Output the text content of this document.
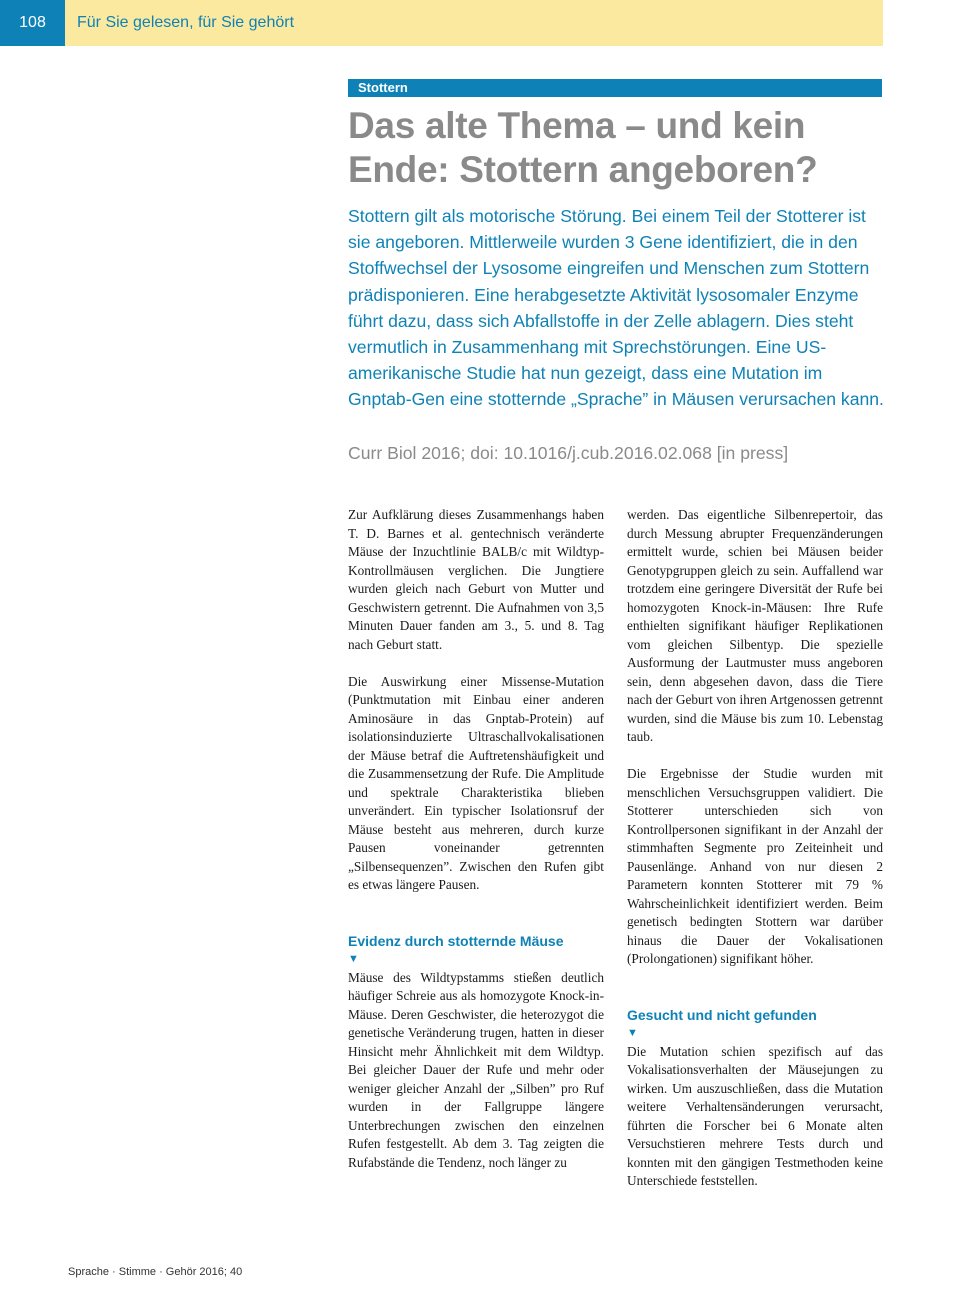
108	Für Sie gelesen, für Sie gehört
Stottern
Das alte Thema – und kein Ende: Stottern angeboren?

Stottern gilt als motorische Störung. Bei einem Teil der Stotterer ist sie angeboren. Mittlerweile wurden 3 Gene identifiziert, die in den Stoffwechsel der Lysosome eingreifen und Menschen zum Stottern prädisponieren. Eine herabgesetzte Aktivität lysosomaler Enzyme führt dazu, dass sich Abfallstoffe in der Zelle ablagern. Dies steht vermutlich in Zusammenhang mit Sprechstörungen. Eine US-amerikanische Studie hat nun gezeigt, dass eine Mutation im Gnptab-Gen eine stotternde „Sprache” in Mäusen verursachen kann.

Curr Biol 2016; doi: 10.1016/j.cub.2016.02.068 [in press]

Zur Aufklärung dieses Zusammenhangs haben T. D. Barnes et al. gentechnisch veränderte Mäuse der Inzuchtlinie BALB/c mit Wildtyp-Kontrollmäusen verglichen. Die Jungtiere wurden gleich nach Geburt von Mutter und Geschwistern getrennt. Die Aufnahmen von 3,5 Minuten Dauer fanden am 3., 5. und 8. Tag nach Geburt statt.

Die Auswirkung einer Missense-Mutation (Punktmutation mit Einbau einer anderen Aminosäure in das Gnptab-Protein) auf isolationsinduzierte Ultraschallvokalisationen der Mäuse betraf die Auftretenshäufigkeit und die Zusammensetzung der Rufe. Die Amplitude und spektrale Charakteristika blieben unverändert. Ein typischer Isolationsruf der Mäuse besteht aus mehreren, durch kurze Pausen voneinander getrennten „Silbensequenzen”. Zwischen den Rufen gibt es etwas längere Pausen.

Evidenz durch stotternde Mäuse
▼

Mäuse des Wildtypstamms stießen deutlich häufiger Schreie aus als homozygote Knock-in-Mäuse. Deren Geschwister, die heterozygot die genetische Veränderung trugen, hatten in dieser Hinsicht mehr Ähnlichkeit mit dem Wildtyp. Bei gleicher Dauer der Rufe und mehr oder weniger gleicher Anzahl der „Silben” pro Ruf wurden in der Fallgruppe längere Unterbrechungen zwischen den einzelnen Rufen festgestellt. Ab dem 3. Tag zeigten die Rufabstände die Tendenz, noch länger zu

werden. Das eigentliche Silbenrepertoir, das durch Messung abrupter Frequenzänderungen ermittelt wurde, schien bei Mäusen beider Genotypgruppen gleich zu sein. Auffallend war trotzdem eine geringere Diversität der Rufe bei homozygoten Knock-in-Mäusen: Ihre Rufe enthielten signifikant häufiger Replikationen vom gleichen Silbentyp. Die spezielle Ausformung der Lautmuster muss angeboren sein, denn abgesehen davon, dass die Tiere nach der Geburt von ihren Artgenossen getrennt wurden, sind die Mäuse bis zum 10. Lebenstag taub.

Die Ergebnisse der Studie wurden mit menschlichen Versuchsgruppen validiert. Die Stotterer unterschieden sich von Kontrollpersonen signifikant in der Anzahl der stimmhaften Segmente pro Zeiteinheit und Pausenlänge. Anhand von nur diesen 2 Parametern konnten Stotterer mit 79 % Wahrscheinlichkeit identifiziert werden. Beim genetisch bedingten Stottern war darüber hinaus die Dauer der Vokalisationen (Prolongationen) signifikant höher.

Gesucht und nicht gefunden
▼

Die Mutation schien spezifisch auf das Vokalisationsverhalten der Mäusejungen zu wirken. Um auszuschließen, dass die Mutation weitere Verhaltensänderungen verursacht, führten die Forscher bei 6 Monate alten Versuchstieren mehrere Tests durch und konnten mit den gängigen Testmethoden keine Unterschiede feststellen.

Sprache · Stimme · Gehör 2016; 40
